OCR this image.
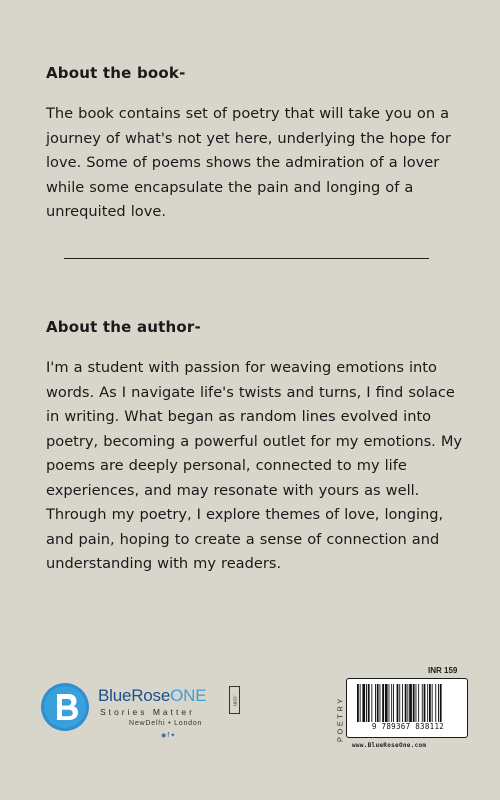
About the book-

The book contains set of poetry that will take you on a journey of what's not yet here, underlying the hope for love. Some of poems shows the admiration of a lover while some encapsulate the pain and longing of a unrequited love.

About the author-

I'm a student with passion for weaving emotions into words. As I navigate life's twists and turns, I find solace in writing. What began as random lines evolved into poetry, becoming a powerful outlet for my emotions. My poems are deeply personal, connected to my life experiences, and may resonate with yours as well. Through my poetry, I explore themes of love, longing, and pain, hoping to create a sense of connection and understanding with my readers.

BlueRoseONE	.com
Stories Matter
NewDelhi • London
◉ f ✦
INR 159
POETRY	9 789367 838112
www.BlueRoseOne.com
